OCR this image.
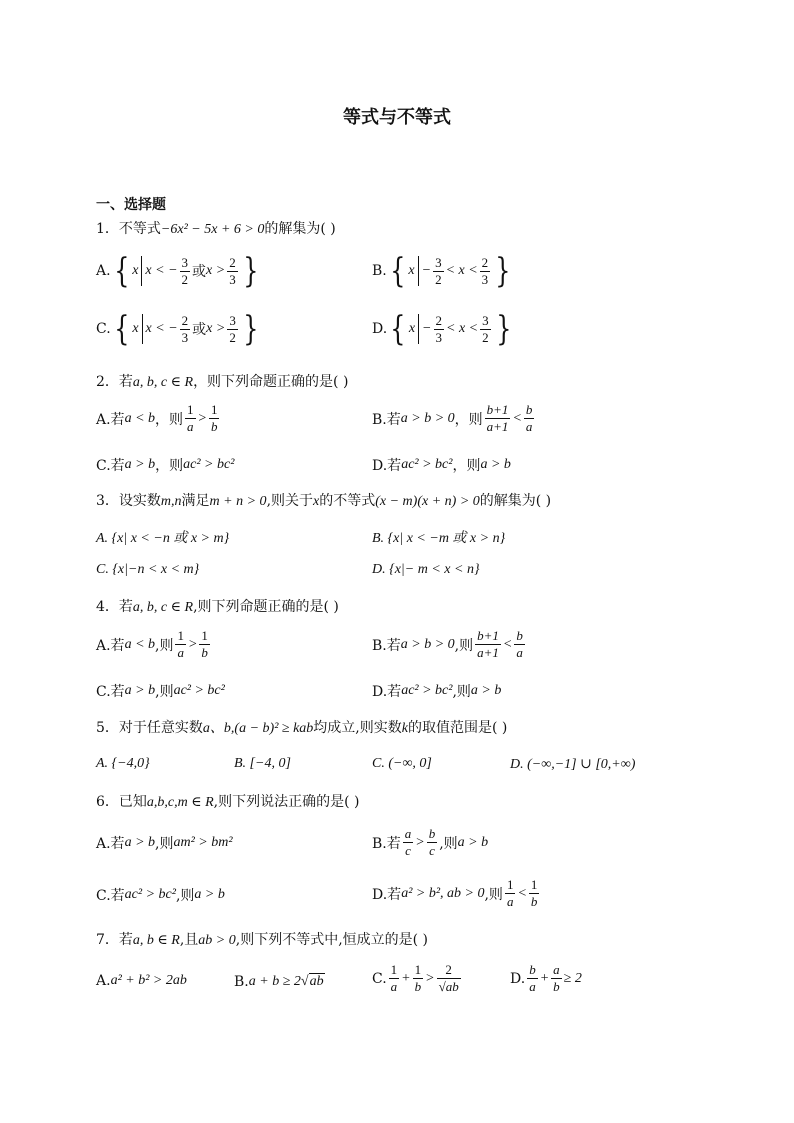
等式与不等式
一、选择题
1．不等式−6x² − 5x + 6 > 0的解集为( )
A. { x x < − $\frac{3}{2}$ 或 $x > \frac{2}{3}$ }	B. { $x - \frac{3}{2} < x < \frac{2}{3}$ }
C. { x x < − $\frac{2}{3}$ 或 $x > \frac{3}{2}$ }	D. { $x - \frac{2}{3} < x < \frac{3}{2}$ }
2．若a, b, c ∈ R，则下列命题正确的是( )
A.若 a < b ，则 $\frac{1}{a} > \frac{1}{b}$	B.若 a > b > 0 ，则 $\frac{b+1}{a+1} < \frac{b}{a}$
C.若 a > b ，则 ac² > bc²	D.若 ac² > bc² ，则 a > b
3．设实数m,n满足m + n > 0,则关于x的不等式(x − m)(x + n) > 0的解集为( )
A. {x| x < −n 或 x > m}	B. {x| x < −m 或 x > n}
C. {x|−n < x < m}	D. {x|− m < x < n}
4．若a, b, c ∈ R,则下列命题正确的是( )
A.若 a < b ,则 $\frac{1}{a} > \frac{1}{b}$	B.若 a > b > 0 ,则 $\frac{b+1}{a+1} < \frac{b}{a}$
C.若 a > b ,则 ac² > bc²	D.若 ac² > bc² ,则 a > b
5．对于任意实数a、b,(a − b)² ≥ kab均成立,则实数k的取值范围是( )
A. {−4,0}	B. [−4, 0]	C. (−∞, 0]	D. (−∞,−1] ∪ [0,+∞)
6．已知a,b,c,m ∈ R,则下列说法正确的是( )
A.若 a > b ,则 am² > bm²	B.若 $\frac{a}{c} > \frac{b}{c}$ ,则 a > b
C.若 ac² > bc² ,则 a > b	D.若 a² > b², ab > 0 ,则 $\frac{1}{a} < \frac{1}{b}$
7．若a, b ∈ R,且ab > 0,则下列不等式中,恒成立的是( )
A. a² + b² > 2ab	B. a + b ≥ 2 √ ab	C. $\frac{1}{a} + \frac{1}{b} > \frac{2}{√ab}$	D. $\frac{b}{a} + \frac{a}{b} \ge 2$
